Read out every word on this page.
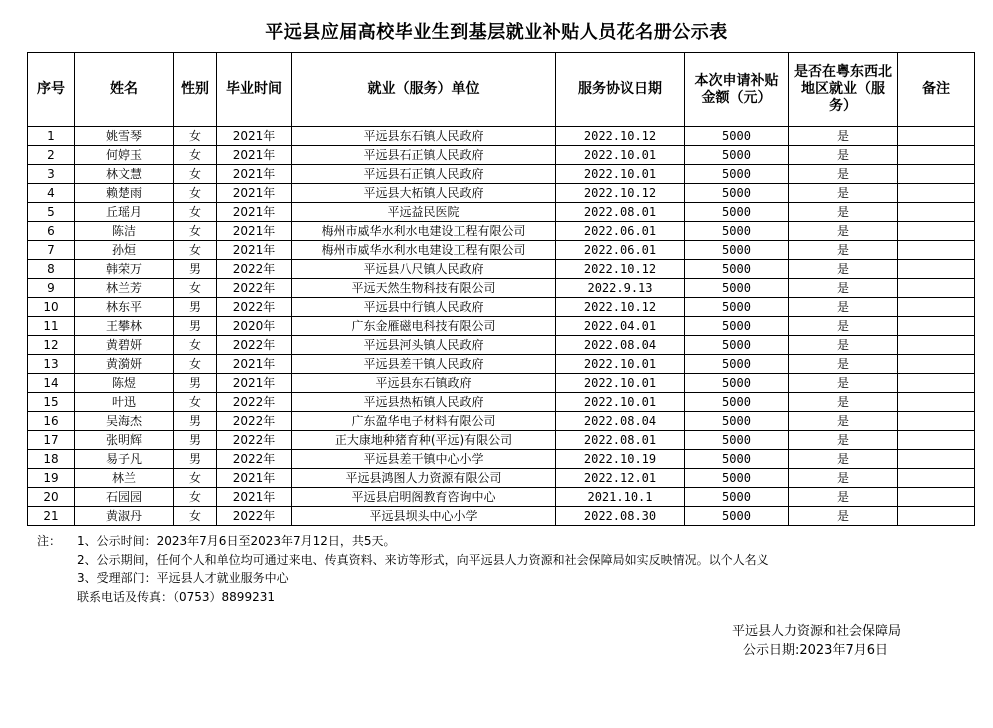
平远县应届高校毕业生到基层就业补贴人员花名册公示表
序号	姓名	性别	毕业时间	就业（服务）单位	服务协议日期	本次申请补贴金额（元）	是否在粤东西北地区就业（服务）	备注
1	姚雪琴	女	2021年	平远县东石镇人民政府	2022.10.12	5000	是	
2	何婷玉	女	2021年	平远县石正镇人民政府	2022.10.01	5000	是	
3	林文慧	女	2021年	平远县石正镇人民政府	2022.10.01	5000	是	
4	赖楚雨	女	2021年	平远县大柘镇人民政府	2022.10.12	5000	是	
5	丘瑶月	女	2021年	平远益民医院	2022.08.01	5000	是	
6	陈洁	女	2021年	梅州市威华水利水电建设工程有限公司	2022.06.01	5000	是	
7	孙烜	女	2021年	梅州市威华水利水电建设工程有限公司	2022.06.01	5000	是	
8	韩荣万	男	2022年	平远县八尺镇人民政府	2022.10.12	5000	是	
9	林兰芳	女	2022年	平远天然生物科技有限公司	2022.9.13	5000	是	
10	林东平	男	2022年	平远县中行镇人民政府	2022.10.12	5000	是	
11	王攀林	男	2020年	广东金雁磁电科技有限公司	2022.04.01	5000	是	
12	黄碧妍	女	2022年	平远县河头镇人民政府	2022.08.04	5000	是	
13	黄漪妍	女	2021年	平远县差干镇人民政府	2022.10.01	5000	是	
14	陈煜	男	2021年	平远县东石镇政府	2022.10.01	5000	是	
15	叶迅	女	2022年	平远县热柘镇人民政府	2022.10.01	5000	是	
16	吴海杰	男	2022年	广东盈华电子材料有限公司	2022.08.04	5000	是	
17	张明辉	男	2022年	正大康地种猪育种(平远)有限公司	2022.08.01	5000	是	
18	易子凡	男	2022年	平远县差干镇中心小学	2022.10.19	5000	是	
19	林兰	女	2021年	平远县鸿图人力资源有限公司	2022.12.01	5000	是	
20	石园园	女	2021年	平远县启明阁教育咨询中心	2021.10.1	5000	是	
21	黄淑丹	女	2022年	平远县坝头中心小学	2022.08.30	5000	是	
注： 1、公示时间：2023年7月6日至2023年7月12日，共5天。
2、公示期间，任何个人和单位均可通过来电、传真资料、来访等形式，向平远县人力资源和社会保障局如实反映情况。以个人名义
3、受理部门：平远县人才就业服务中心
联系电话及传真：（0753）8899231
平远县人力资源和社会保障局
公示日期:2023年7月6日
